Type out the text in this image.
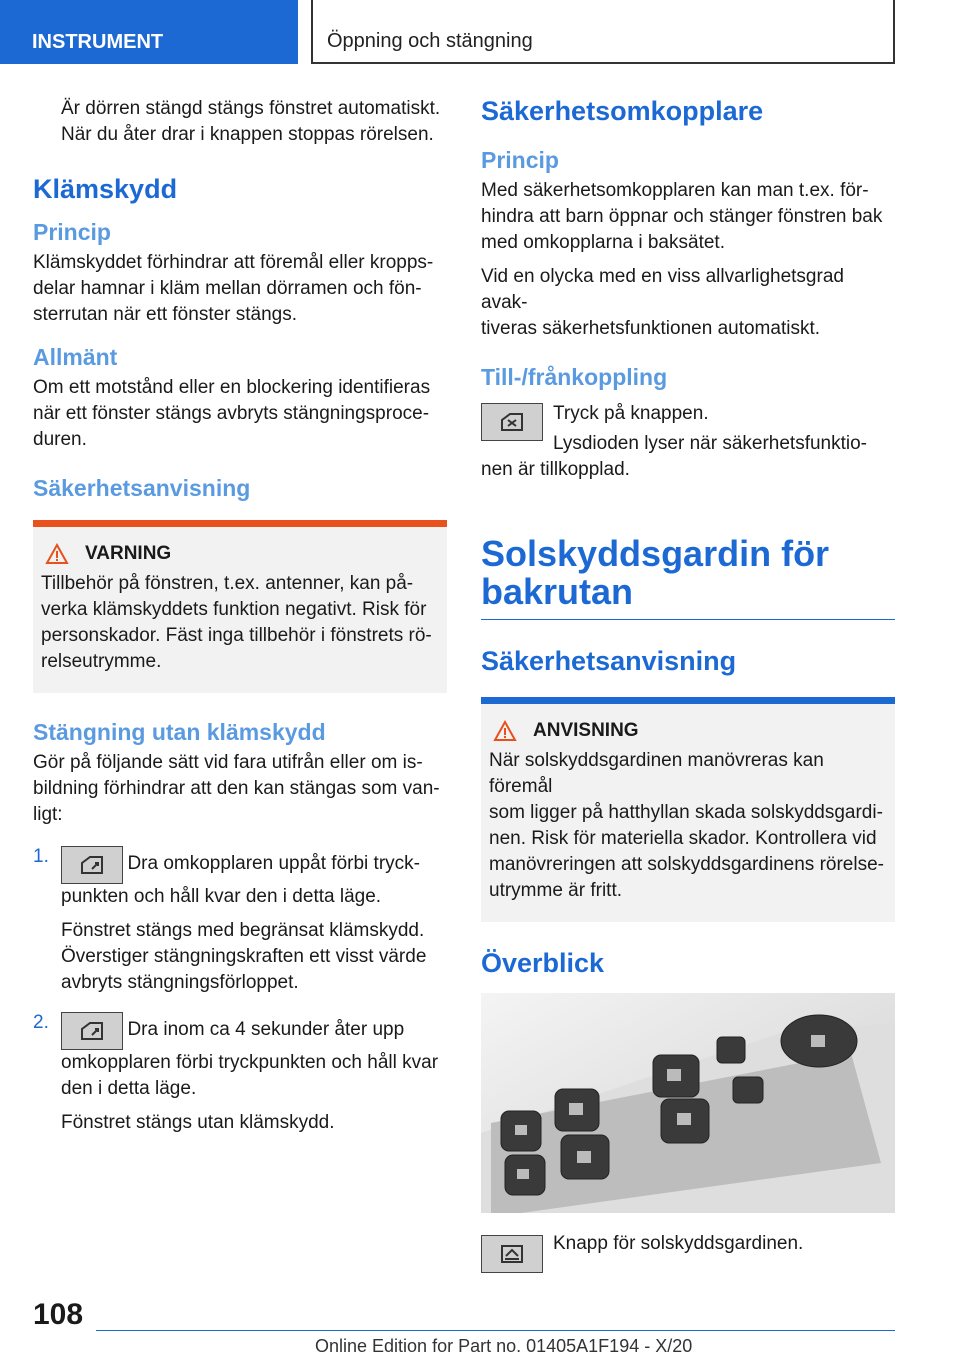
INSTRUMENT	Öppning och stängning

Är dörren stängd stängs fönstret automatiskt.

När du åter drar i knappen stoppas rörelsen.

Klämskydd
Princip

Klämskyddet förhindrar att föremål eller kropps-

delar hamnar i kläm mellan dörramen och fön-

sterrutan när ett fönster stängs.

Allmänt

Om ett motstånd eller en blockering identifieras

när ett fönster stängs avbryts stängningsproce-

duren.

Säkerhetsanvisning
VARNING

Tillbehör på fönstren, t.ex. antenner, kan på-

verka klämskyddets funktion negativt. Risk för

personskador. Fäst inga tillbehör i fönstrets rö-

relseutrymme.

Stängning utan klämskydd

Gör på följande sätt vid fara utifrån eller om is-

bildning förhindrar att den kan stängas som van-

ligt:

1.	Dra omkopplaren uppåt förbi tryck-

punkten och håll kvar den i detta läge.

Fönstret stängs med begränsat klämskydd.

Överstiger stängningskraften ett visst värde

avbryts stängningsförloppet.

2.	Dra inom ca 4 sekunder åter upp

omkopplaren förbi tryckpunkten och håll kvar

den i detta läge.

Fönstret stängs utan klämskydd.

Säkerhetsomkopplare
Princip

Med säkerhetsomkopplaren kan man t.ex. för-

hindra att barn öppnar och stänger fönstren bak

med omkopplarna i baksätet.

Vid en olycka med en viss allvarlighetsgrad avak-

tiveras säkerhetsfunktionen automatiskt.

Till-/frånkoppling

Tryck på knappen.

Lysdioden lyser när säkerhetsfunktio-

nen är tillkopplad.

Solskyddsgardin för
bakrutan
Säkerhetsanvisning
ANVISNING

När solskyddsgardinen manövreras kan föremål

som ligger på hatthyllan skada solskyddsgardi-

nen. Risk för materiella skador. Kontrollera vid

manövreringen att solskyddsgardinens rörelse-

utrymme är fritt.

Överblick

Knapp för solskyddsgardinen.

108
Online Edition for Part no. 01405A1F194 - X/20
